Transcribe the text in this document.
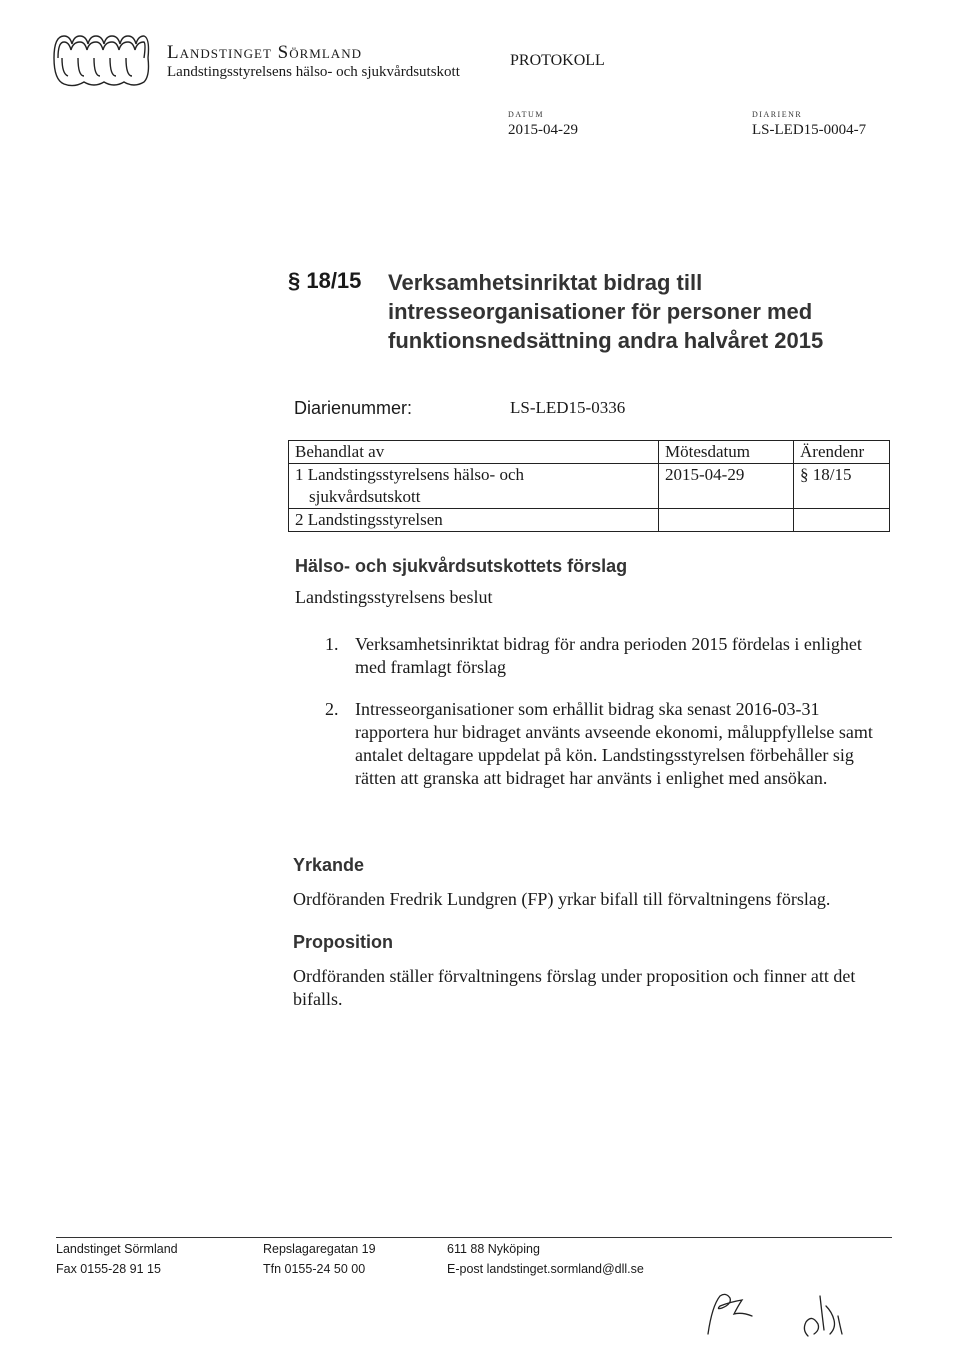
Landstinget Sörmland
Landstingsstyrelsens hälso- och sjukvårdsutskott
PROTOKOLL
DATUM
2015-04-29
DIARIENR
LS-LED15-0004-7
§ 18/15 Verksamhetsinriktat bidrag till intresseorganisationer för personer med funktionsnedsättning andra halvåret 2015
Diarienummer:	LS-LED15-0336
Behandlat av	Mötesdatum	Ärendenr
1 Landstingsstyrelsens hälso- och
sjukvårdsutskott	2015-04-29	§ 18/15
2 Landstingsstyrelsen		
Hälso- och sjukvårdsutskottets förslag
Landstingsstyrelsens beslut
1. Verksamhetsinriktat bidrag för andra perioden 2015 fördelas i enlighet med framlagt förslag
2. Intresseorganisationer som erhållit bidrag ska senast 2016-03-31 rapportera hur bidraget använts avseende ekonomi, måluppfyllelse samt antalet deltagare uppdelat på kön. Landstingsstyrelsen förbehåller sig rätten att granska att bidraget har använts i enlighet med ansökan.
Yrkande
Ordföranden Fredrik Lundgren (FP) yrkar bifall till förvaltningens förslag.
Proposition
Ordföranden ställer förvaltningens förslag under proposition och finner att det bifalls.
Landstinget Sörmland
Fax 0155-28 91 15
Repslagaregatan 19
Tfn 0155-24 50 00
611 88 Nyköping
E-post landstinget.sormland@dll.se
